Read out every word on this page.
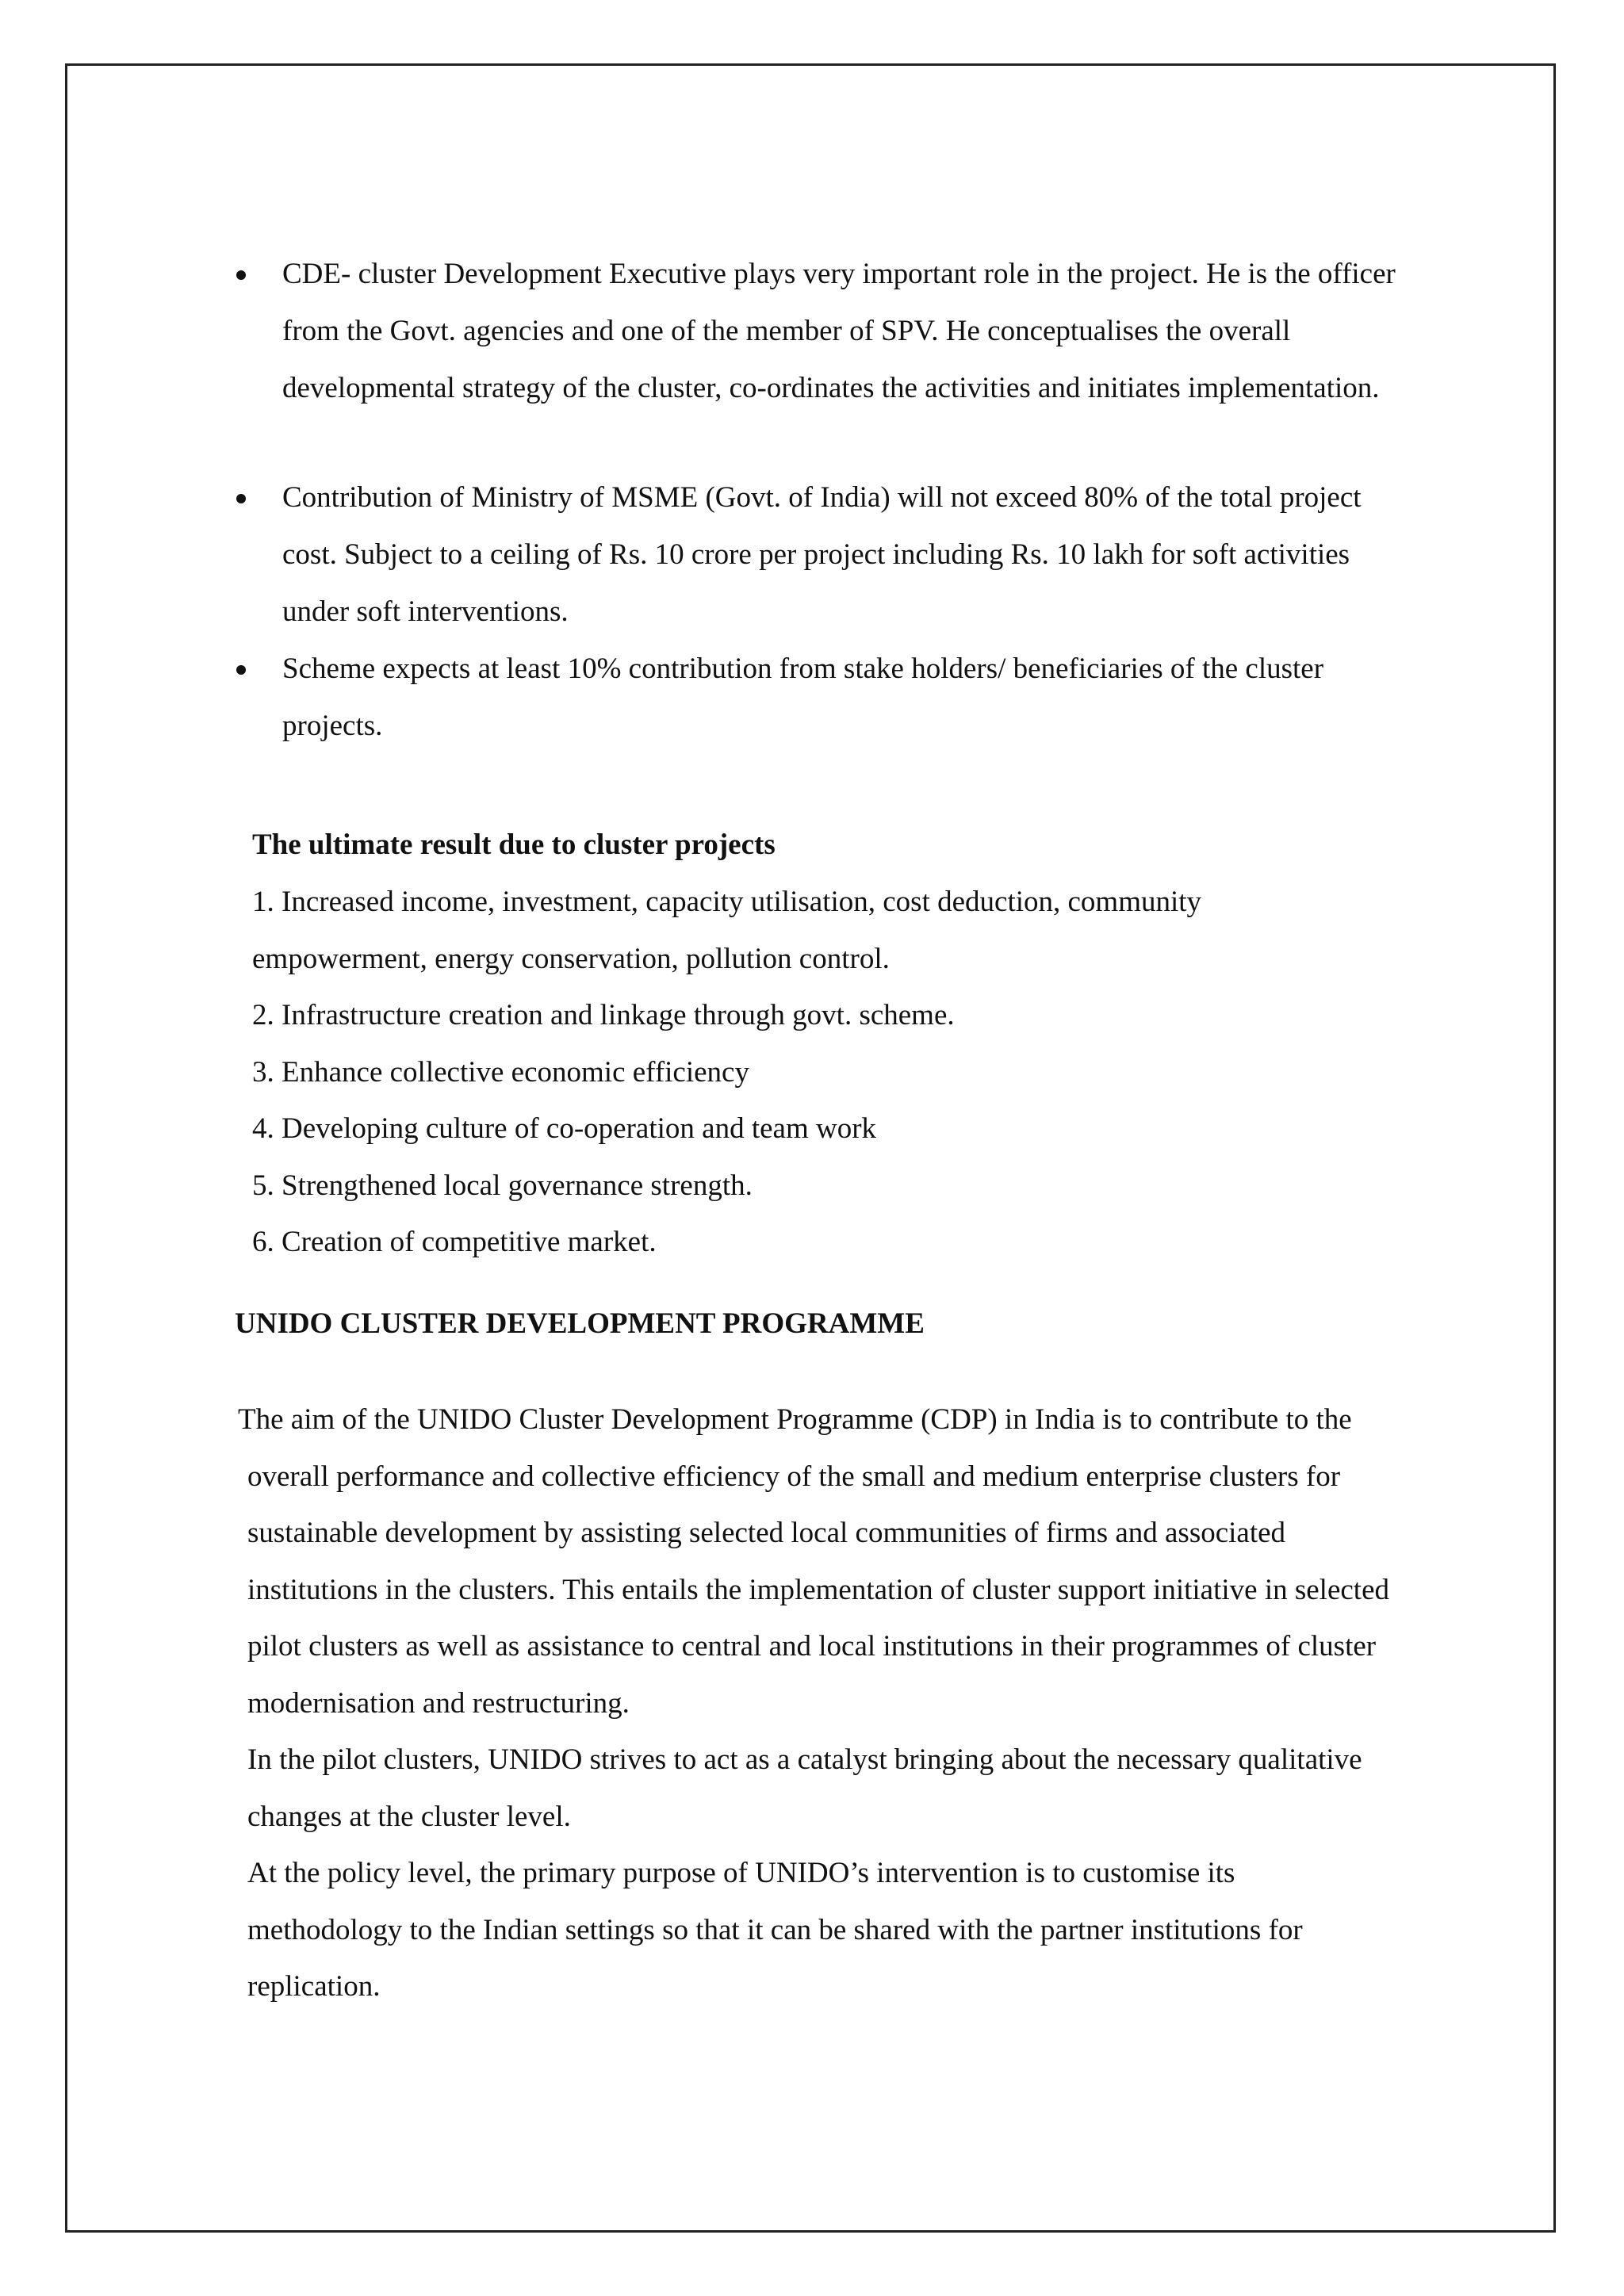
CDE- cluster Development Executive plays very important role in the project. He is the officer
from the Govt. agencies and one of the member of SPV. He conceptualises the overall
developmental strategy of the cluster, co-ordinates the activities and initiates implementation.
Contribution of Ministry of MSME (Govt. of India) will not exceed 80% of the total project
cost. Subject to a ceiling of Rs. 10 crore per project including Rs. 10 lakh for soft activities
under soft interventions.
Scheme expects at least 10% contribution from stake holders/ beneficiaries of the cluster
projects.
The ultimate result due to cluster projects
1. Increased income, investment, capacity utilisation, cost deduction, community
empowerment, energy conservation, pollution control.
2. Infrastructure creation and linkage through govt. scheme.
3. Enhance collective economic efficiency
4. Developing culture of co-operation and team work
5. Strengthened local governance strength.
6. Creation of competitive market.
UNIDO CLUSTER DEVELOPMENT PROGRAMME
The aim of the UNIDO Cluster Development Programme (CDP) in India is to contribute to the
overall performance and collective efficiency of the small and medium enterprise clusters for
sustainable development by assisting selected local communities of firms and associated
institutions in the clusters. This entails the implementation of cluster support initiative in selected
pilot clusters as well as assistance to central and local institutions in their programmes of cluster
modernisation and restructuring.
In the pilot clusters, UNIDO strives to act as a catalyst bringing about the necessary qualitative
changes at the cluster level.
At the policy level, the primary purpose of UNIDO’s intervention is to customise its
methodology to the Indian settings so that it can be shared with the partner institutions for
replication.
